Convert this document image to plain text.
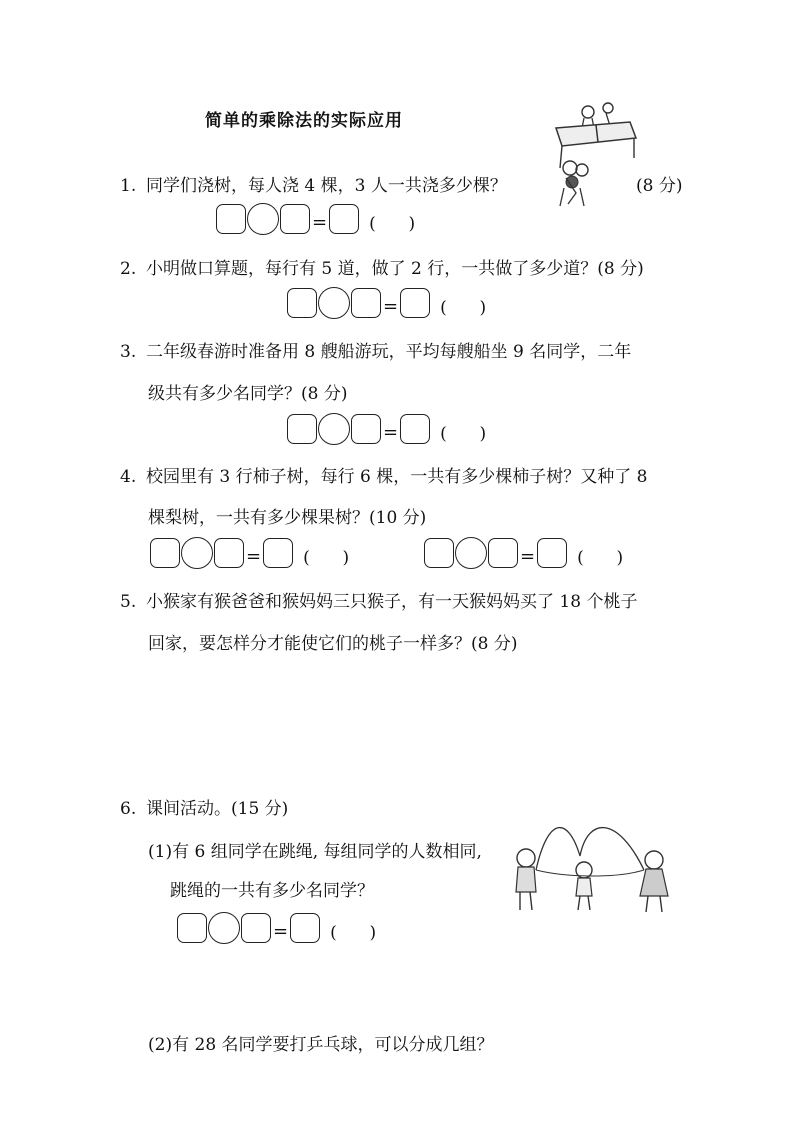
简单的乘除法的实际应用
1. 同学们浇树，每人浇 4 棵，3 人一共浇多少棵？	(8 分)
= ( )
2. 小明做口算题，每行有 5 道，做了 2 行，一共做了多少道？(8 分)
= ( )
3. 二年级春游时准备用 8 艘船游玩，平均每艘船坐 9 名同学，二年
级共有多少名同学？(8 分)
= ( )
4. 校园里有 3 行柿子树，每行 6 棵，一共有多少棵柿子树？又种了 8
棵梨树，一共有多少棵果树？(10 分)
= ( )	= ( )
5. 小猴家有猴爸爸和猴妈妈三只猴子，有一天猴妈妈买了 18 个桃子
回家，要怎样分才能使它们的桃子一样多？(8 分)
6. 课间活动。(15 分)
(1)有 6 组同学在跳绳, 每组同学的人数相同,
跳绳的一共有多少名同学？
= ( )
(2)有 28 名同学要打乒乓球，可以分成几组？
